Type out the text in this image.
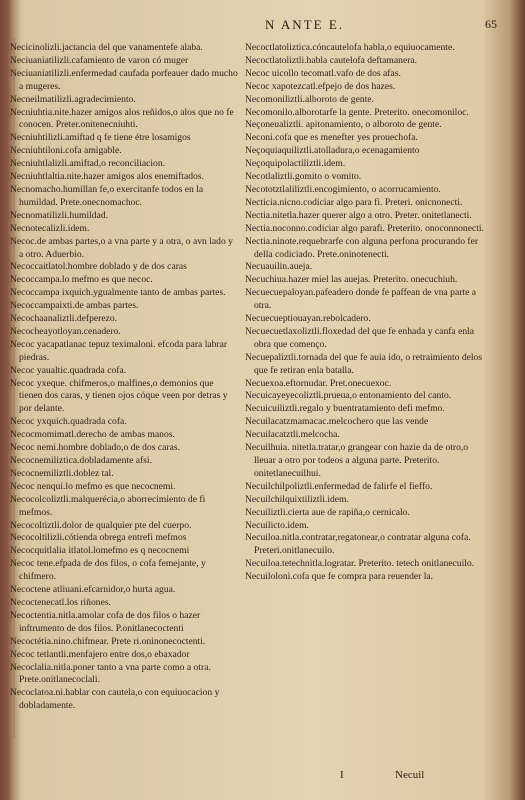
N ANTE E.	65

Necicinolizli.jactancia del que vanamentefe alaba.

Neciuaniatilizli.cafamiento de varon có muger

Neciuaniatilizli.enfermedad caufada porfeauer dado mucho a mugeres.

Necneilmatilizli.agradecimiento.

Necniuhtia.nite.hazer amigos alos reñidos,o alos que no fe conocen. Preter.onitenecniuhti.

Necniuhtilizli.amiftad q fe tiene étre losamigos

Necniuhtiloni.cofa amigable.

Necniuhtlalizli.amiftad,o reconciliacion.

Necniuhtlaltia.nite.hazer amigos alos enemiftados.

Necnomacho.humillan fe,o exercitanfe todos en la humildad. Prete.onecnomachoc.

Necnomatilizli.humildad.

Necnotecalizli.idem.

Necoc.de ambas partes,o a vna parte y a otra, o avn lado y a otro. Aduerbio.

Necoccaitlatol.hombre doblado y de dos caras

Necoccampa.lo mefmo es que necoc.

Necoccampa ixquich.ygualmente tanto de ambas partes.

Necoccampaixti.de ambas partes.

Necochaanaliztli.defperezo.

Necocheayotloyan.cenadero.

Necoc yacapatlanac tepuz teximaloni. efcoda para labrar piedras.

Necoc yaualtic.quadrada cofa.

Necoc yxeque. chifmeros,o malfines,o demonios que tienen dos caras, y tienen ojos cóque veen por detras y por delante.

Necoc yxquich.quadrada cofa.

Necocmomimatl.derecho de ambas manos.

Necoc nemi.hombre doblado,o de dos caras.

Necocnemiliztica.dobladamente afsi.

Necocnemiliztli.doblez tal.

Necoc nenqui.lo mefmo es que necocnemi.

Necocolcoliztli.malquerécia,o aborrecimiento de fi mefmos.

Necocoltiztli.dolor de qualquier pte del cuerpo.

Necocoltilizli.cótienda obrega entrefi mefmos

Necocquitlalia itlatol.lomefmo es q necocnemi

Necoc tene.efpada de dos filos, o cofa femejante, y chifmero.

Necoctene atliuani.efcarnidor,o hurta agua.

Necoctenecatl.los riñones.

Necoctentia.nitla.amolar cofa de dos filos o hazer inftrumento de dos filos. P.onitlanecoctenti

Necoctétia.nino.chifmear. Prete ri.oninonecoctenti.

Necoc tetlantli.menfajero entre dos,o ebaxador

Necoclalia.nitla.poner tanto a vna parte como a otra. Prete.onitlanecoclali.

Necoclatoa.ni.hablar con cautela,o con equiuocacion y dobladamente.

Necoctlatoliztica.cóncautelofa habla,o equiuocamente.

Necoctlatoliztli.habla cautelofa deftamanera.

Necoc uicollo tecomatl.vafo de dos afas.

Necoc xapotezcatl.efpejo de dos hazes.

Necomoniliztli.alboroto de gente.

Necomonilo.alborotarfe la gente. Preterito. onecomoniloc.

Neçoneualiztli. apitonamiento, o alboroto de gente.

Neconi.cofa que es menefter yes prouechofa.

Neçoquiaquiliztli.atolladura,o ecenagamiento

Neçoquipolactiliztli.idem.

Necotlaliztli.gomito o vomito.

Necototztlaliliztli.encogimiento, o acorrucamiento.

Necticia.nicno.codiciar algo para fi. Preteri. onicnonecti.

Nectia.nitetla.hazer querer algo a otro. Preter. onitetlanecti.

Nectia.noconno.codiciar algo parafi. Preterito. onoconnonecti.

Nectia.ninote.requebrarfe con alguna perfona procurando fer della codiciado. Prete.oninotenecti.

Necuauilin.aueja.

Necuchiua.hazer miel las auejas. Preterito. onecuchiuh.

Necuecuepaloyan.pafeadero donde fe paffean de vna parte a otra.

Necuecueptiouayan.rebolcadero.

Necuecuetlaxoliztli.floxedad del que fe enhada y canfa enla obra que començo.

Necuepaliztli.tornada del que fe auia ido, o retraimiento delos que fe retiran enla batalla.

Necuexoa.eftornudar. Pret.onecuexoc.

Necuicayeyecoliztli.prueua,o entonamiento del canto.

Necuicuiliztli.regalo y buentratamiento defi mefmo.

Necuilacatzmamacac.melcochero que las vende

Necuilacatztli.melcocha.

Necuilhuia. nitetla.tratar,o grangear con hazie da de otro,o lleuar a otro por todeos a alguna parte. Preterito. onitetlanecuilhui.

Necuilchilpoliztli.enfermedad de falirfe el fieffo.

Necuilchilquixtiliztli.idem.

Necuiliztli.cierta aue de rapiña,o cernicalo.

Necuilicto.idem.

Necuiloa.nitla.contratar,regatonear,o contratar alguna cofa. Preteri.onitlanecuilo.

Necuiloa.tetechnitla.logratar. Preterito. tetech onitlanecuilo.

Necuiloloni.cofa que fe compra para reuender la.

I	Necuil
